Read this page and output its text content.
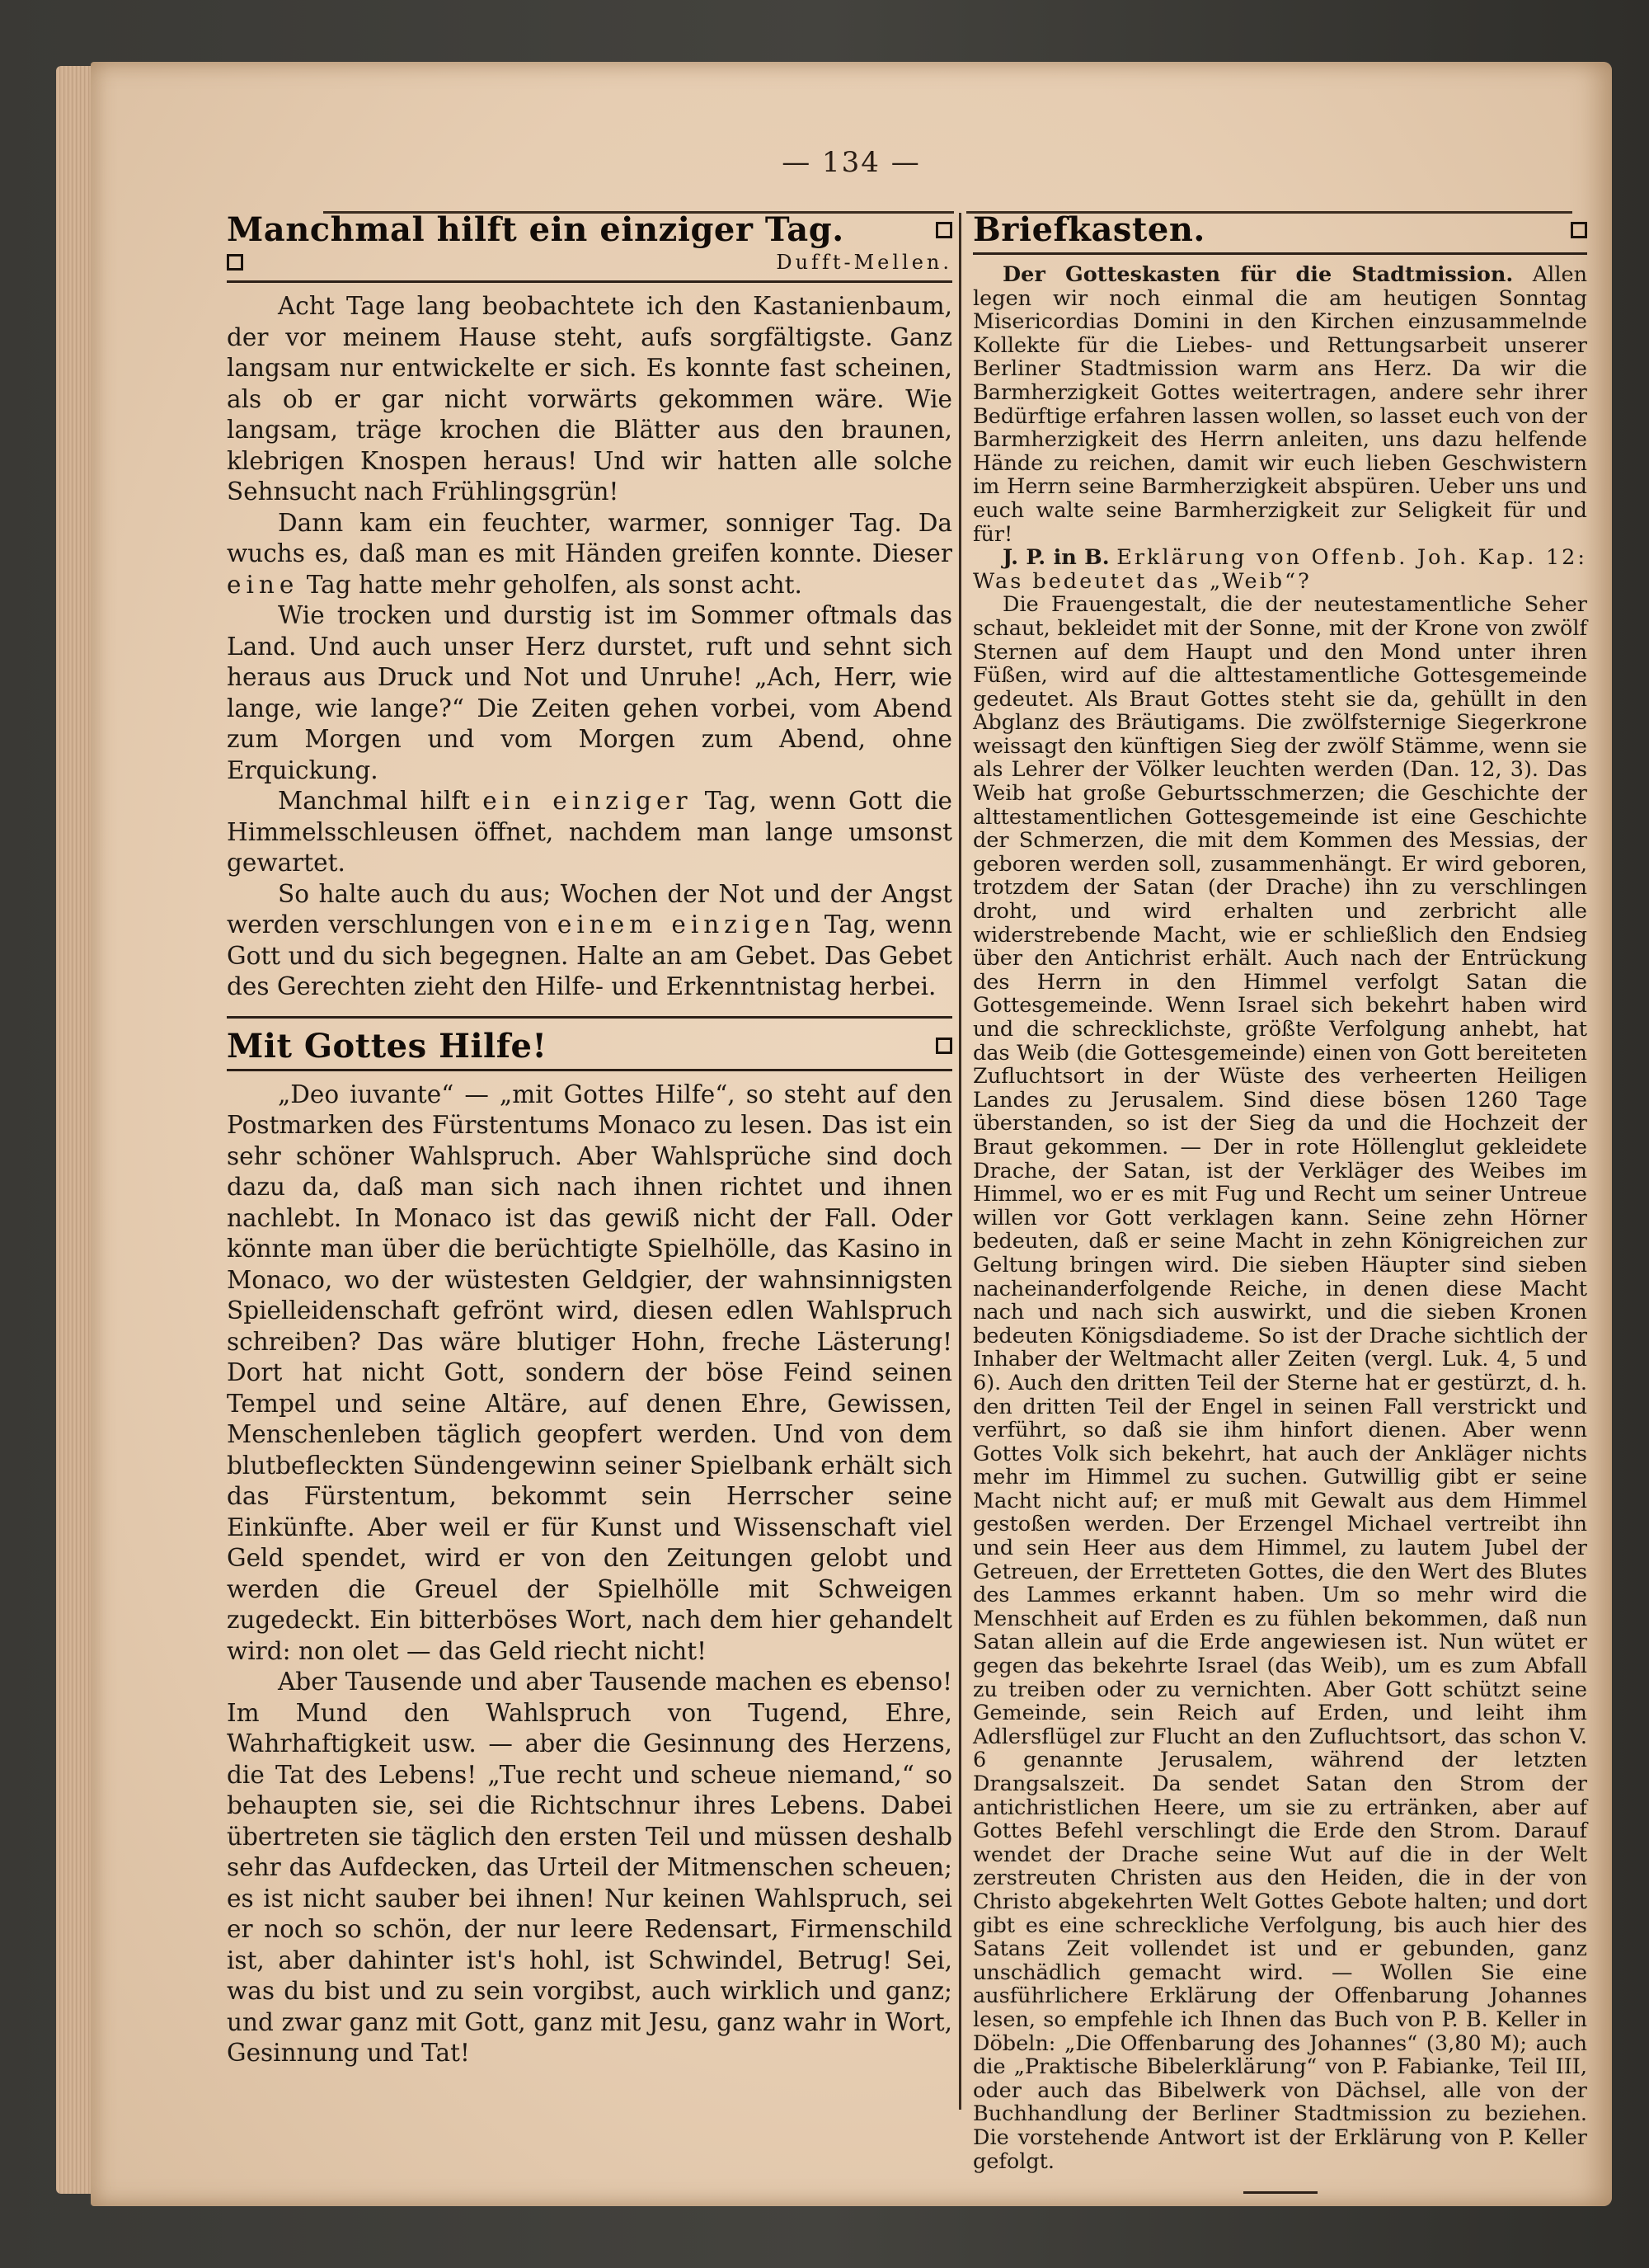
— 134 —
Manchmal hilft ein einziger Tag.
Dufft-Mellen.

Acht Tage lang beobachtete ich den Kastanienbaum, der vor meinem Hause steht, aufs sorgfältigste. Ganz langsam nur entwickelte er sich. Es konnte fast scheinen, als ob er gar nicht vorwärts gekommen wäre. Wie langsam, träge krochen die Blätter aus den braunen, klebrigen Knospen heraus! Und wir hatten alle solche Sehnsucht nach Frühlingsgrün!

Dann kam ein feuchter, warmer, sonniger Tag. Da wuchs es, daß man es mit Händen greifen konnte. Dieser eine Tag hatte mehr geholfen, als sonst acht.

Wie trocken und durstig ist im Sommer oftmals das Land. Und auch unser Herz durstet, ruft und sehnt sich heraus aus Druck und Not und Unruhe! „Ach, Herr, wie lange, wie lange?“ Die Zeiten gehen vorbei, vom Abend zum Morgen und vom Morgen zum Abend, ohne Erquickung.

Manchmal hilft ein einziger Tag, wenn Gott die Himmelsschleusen öffnet, nachdem man lange umsonst gewartet.

So halte auch du aus; Wochen der Not und der Angst werden verschlungen von einem einzigen Tag, wenn Gott und du sich begegnen. Halte an am Gebet. Das Gebet des Gerechten zieht den Hilfe- und Erkenntnistag herbei.

Mit Gottes Hilfe!

„Deo iuvante“ — „mit Gottes Hilfe“, so steht auf den Postmarken des Fürstentums Monaco zu lesen. Das ist ein sehr schöner Wahlspruch. Aber Wahlsprüche sind doch dazu da, daß man sich nach ihnen richtet und ihnen nachlebt. In Monaco ist das gewiß nicht der Fall. Oder könnte man über die berüchtigte Spielhölle, das Kasino in Monaco, wo der wüstesten Geldgier, der wahnsinnigsten Spielleidenschaft gefrönt wird, diesen edlen Wahlspruch schreiben? Das wäre blutiger Hohn, freche Lästerung! Dort hat nicht Gott, sondern der böse Feind seinen Tempel und seine Altäre, auf denen Ehre, Gewissen, Menschenleben täglich geopfert werden. Und von dem blutbefleckten Sündengewinn seiner Spielbank erhält sich das Fürstentum, bekommt sein Herrscher seine Einkünfte. Aber weil er für Kunst und Wissenschaft viel Geld spendet, wird er von den Zeitungen gelobt und werden die Greuel der Spielhölle mit Schweigen zugedeckt. Ein bitterböses Wort, nach dem hier gehandelt wird: non olet — das Geld riecht nicht!

Aber Tausende und aber Tausende machen es ebenso! Im Mund den Wahlspruch von Tugend, Ehre, Wahrhaftigkeit usw. — aber die Gesinnung des Herzens, die Tat des Lebens! „Tue recht und scheue niemand,“ so behaupten sie, sei die Richtschnur ihres Lebens. Dabei übertreten sie täglich den ersten Teil und müssen deshalb sehr das Aufdecken, das Urteil der Mitmenschen scheuen; es ist nicht sauber bei ihnen! Nur keinen Wahlspruch, sei er noch so schön, der nur leere Redensart, Firmenschild ist, aber dahinter ist's hohl, ist Schwindel, Betrug! Sei, was du bist und zu sein vorgibst, auch wirklich und ganz; und zwar ganz mit Gott, ganz mit Jesu, ganz wahr in Wort, Gesinnung und Tat!

Briefkasten.

Der Gotteskasten für die Stadtmission. Allen legen wir noch einmal die am heutigen Sonntag Misericordias Domini in den Kirchen einzusammelnde Kollekte für die Liebes- und Rettungsarbeit unserer Berliner Stadtmission warm ans Herz. Da wir die Barmherzigkeit Gottes weitertragen, andere sehr ihrer Bedürftige erfahren lassen wollen, so lasset euch von der Barmherzigkeit des Herrn anleiten, uns dazu helfende Hände zu reichen, damit wir euch lieben Geschwistern im Herrn seine Barmherzigkeit abspüren. Ueber uns und euch walte seine Barmherzigkeit zur Seligkeit für und für!

J. P. in B. Erklärung von Offenb. Joh. Kap. 12: Was bedeutet das „Weib“?

Die Frauengestalt, die der neutestamentliche Seher schaut, bekleidet mit der Sonne, mit der Krone von zwölf Sternen auf dem Haupt und den Mond unter ihren Füßen, wird auf die alttestamentliche Gottesgemeinde gedeutet. Als Braut Gottes steht sie da, gehüllt in den Abglanz des Bräutigams. Die zwölfsternige Siegerkrone weissagt den künftigen Sieg der zwölf Stämme, wenn sie als Lehrer der Völker leuchten werden (Dan. 12, 3). Das Weib hat große Geburtsschmerzen; die Geschichte der alttestamentlichen Gottesgemeinde ist eine Geschichte der Schmerzen, die mit dem Kommen des Messias, der geboren werden soll, zusammenhängt. Er wird geboren, trotzdem der Satan (der Drache) ihn zu verschlingen droht, und wird erhalten und zerbricht alle widerstrebende Macht, wie er schließlich den Endsieg über den Antichrist erhält. Auch nach der Entrückung des Herrn in den Himmel verfolgt Satan die Gottesgemeinde. Wenn Israel sich bekehrt haben wird und die schrecklichste, größte Verfolgung anhebt, hat das Weib (die Gottesgemeinde) einen von Gott bereiteten Zufluchtsort in der Wüste des verheerten Heiligen Landes zu Jerusalem. Sind diese bösen 1260 Tage überstanden, so ist der Sieg da und die Hochzeit der Braut gekommen. — Der in rote Höllenglut gekleidete Drache, der Satan, ist der Verkläger des Weibes im Himmel, wo er es mit Fug und Recht um seiner Untreue willen vor Gott verklagen kann. Seine zehn Hörner bedeuten, daß er seine Macht in zehn Königreichen zur Geltung bringen wird. Die sieben Häupter sind sieben nacheinanderfolgende Reiche, in denen diese Macht nach und nach sich auswirkt, und die sieben Kronen bedeuten Königsdiademe. So ist der Drache sichtlich der Inhaber der Weltmacht aller Zeiten (vergl. Luk. 4, 5 und 6). Auch den dritten Teil der Sterne hat er gestürzt, d. h. den dritten Teil der Engel in seinen Fall verstrickt und verführt, so daß sie ihm hinfort dienen. Aber wenn Gottes Volk sich bekehrt, hat auch der Ankläger nichts mehr im Himmel zu suchen. Gutwillig gibt er seine Macht nicht auf; er muß mit Gewalt aus dem Himmel gestoßen werden. Der Erzengel Michael vertreibt ihn und sein Heer aus dem Himmel, zu lautem Jubel der Getreuen, der Erretteten Gottes, die den Wert des Blutes des Lammes erkannt haben. Um so mehr wird die Menschheit auf Erden es zu fühlen bekommen, daß nun Satan allein auf die Erde angewiesen ist. Nun wütet er gegen das bekehrte Israel (das Weib), um es zum Abfall zu treiben oder zu vernichten. Aber Gott schützt seine Gemeinde, sein Reich auf Erden, und leiht ihm Adlersflügel zur Flucht an den Zufluchtsort, das schon V. 6 genannte Jerusalem, während der letzten Drangsalszeit. Da sendet Satan den Strom der antichristlichen Heere, um sie zu ertränken, aber auf Gottes Befehl verschlingt die Erde den Strom. Darauf wendet der Drache seine Wut auf die in der Welt zerstreuten Christen aus den Heiden, die in der von Christo abgekehrten Welt Gottes Gebote halten; und dort gibt es eine schreckliche Verfolgung, bis auch hier des Satans Zeit vollendet ist und er gebunden, ganz unschädlich gemacht wird. — Wollen Sie eine ausführlichere Erklärung der Offenbarung Johannes lesen, so empfehle ich Ihnen das Buch von P. B. Keller in Döbeln: „Die Offenbarung des Johannes“ (3,80 M); auch die „Praktische Bibelerklärung“ von P. Fabianke, Teil III, oder auch das Bibelwerk von Dächsel, alle von der Buchhandlung der Berliner Stadtmission zu beziehen. Die vorstehende Antwort ist der Erklärung von P. Keller gefolgt.
